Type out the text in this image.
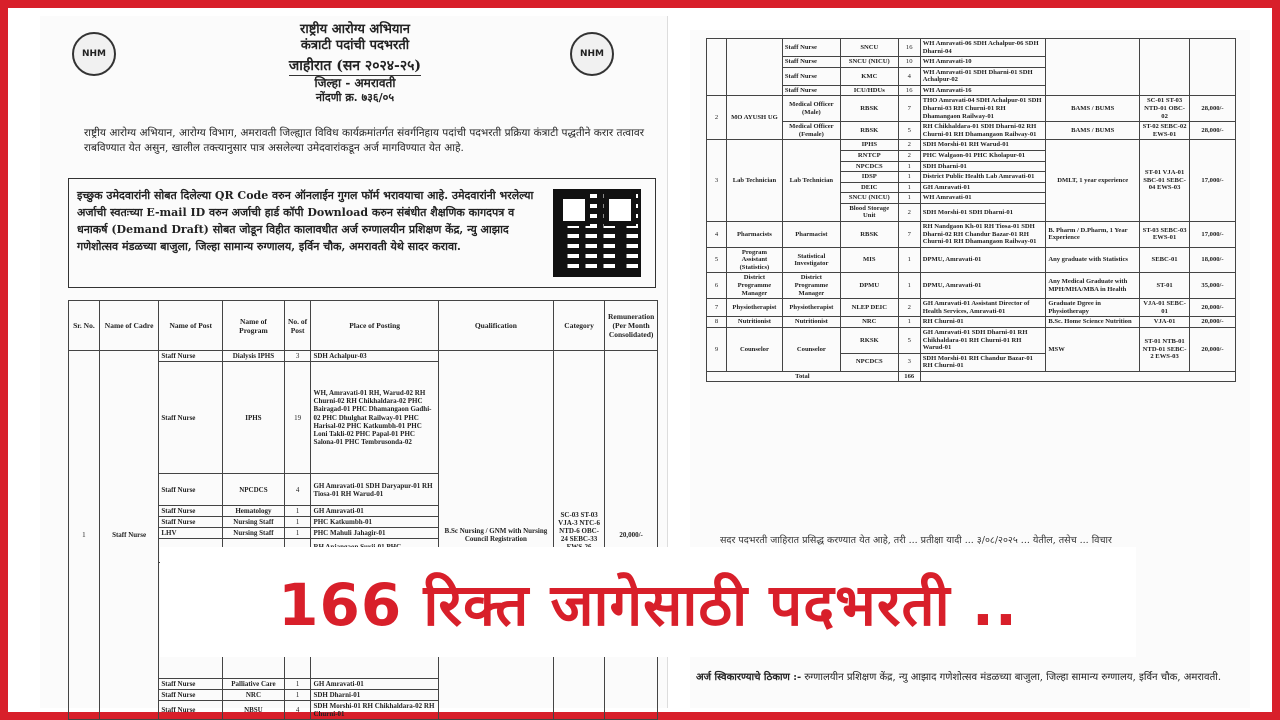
NHM	NHM
राष्ट्रीय आरोग्य अभियान
कंत्राटी पदांची पदभरती
जाहीरात (सन २०२४-२५)
जिल्हा - अमरावती
नोंदणी क्र. ७३६/०५
राष्ट्रीय आरोग्य अभियान, आरोग्य विभाग, अमरावती जिल्ह्यात विविध कार्यक्रमांतर्गत संवर्गनिहाय पदांची पदभरती प्रक्रिया कंत्राटी पद्धतीने करार तत्वावर राबविण्यात येत असुन, खालील तक्त्यानुसार पात्र असलेल्या उमेदवारांकडून अर्ज मागविण्यात येत आहे.
इच्छुक उमेदवारांनी सोबत दिलेल्या QR Code वरुन ऑनलाईन गुगल फॉर्म भरावयाचा आहे. उमेदवारांनी भरलेल्या अर्जाची स्वतःच्या E-mail ID वरुन अर्जाची हार्ड कॉपी Download करुन संबंधीत शैक्षणिक कागदपत्र व धनाकर्ष (Demand Draft) सोबत जोडून विहीत कालावधीत अर्ज रुग्णालयीन प्रशिक्षण केंद्र, न्यु आझाद गणेशोत्सव मंडळच्या बाजुला, जिल्हा सामान्य रुग्णालय, इर्विन चौक, अमरावती येथे सादर करावा.
Sr. No.	Name of Cadre	Name of Post	Name of Program	No. of Post	Place of Posting	Qualification	Category	Remuneration (Per Month Consolidated)
1	Staff Nurse	Staff Nurse	Dialysis IPHS	3	SDH Achalpur-03	B.Sc Nursing / GNM with Nursing Council Registration	SC-03 ST-03 VJA-3 NTC-6 NTD-6 OBC-24 SEBC-33	20,000/-
		Staff Nurse	IPHS	19	WH, Amravati-01 RH, Warud-02 RH Churni-02 RH Chikhaldara-02 PHC Bairagad-01 PHC Dhamangaon Gadhi-02 PHC Dhulghat Railway-01 PHC Harisal-02 PHC Katkumbh-01 PHC Loni Takli-02 PHC Papal-01 PHC Salona-01 PHC Tembrusonda-02			
		Staff Nurse	NPCDCS	4	GH Amravati-01 SDH Daryapur-01 RH Tiosa-01 RH Warud-01			
		Staff Nurse	Hematology	1	GH Amravati-01			
		Staff Nurse	Nursing Staff	1	PHC Katkumbh-01			
		LHV	Nursing Staff	1	PHC Mahuli Jahagir-01			

		Staff Nurse	Palliative Care	1	GH Amravati-01			
		Staff Nurse	NRC	1	SDH Dharni-01			
		Staff Nurse	NBSU	4	SDH Morshi-01 RH Chikhaldara-02 RH Churni-01			
		Staff Nurse	SNCU	16	WH Amravati-06 SDH Achalpur-06 SDH Dharni-04			
		Staff Nurse	SNCU (NICU)	10	WH Amravati-10			
		Staff Nurse	KMC	4	WH Amravati-01 SDH Dharni-01 SDH Achalpur-02			
		Staff Nurse	ICU/HDUs	16	WH Amravati-16			
2	MO AYUSH UG	Medical Officer (Male)	RBSK	7	THO Amravati-04 SDH Achalpur-01 SDH Dharni-03 RH Churni-01 RH Dhamangaon Railway-01	BAMS / BUMS	SC-01 ST-03 NTD-01 OBC-02	28,000/-
		Medical Officer (Female)	RBSK	5	RH Chikhaldara-01 SDH Dharni-02 RH Churni-01 RH Dhamangaon Railway-01	BAMS / BUMS	ST-02 SEBC-02 EWS-01	28,000/-
3	Lab Technician	Lab Technician	IPHS	2	SDH Morshi-01 RH Warud-01	DMLT, 1 year experience	ST-01 VJA-01 SBC-01 SEBC-04 EWS-03	17,000/-
			RNTCP	2	PHC Walgaon-01 PHC Kholapur-01			
			NPCDCS	1	SDH Dharni-01			
			IDSP	1	District Public Health Lab Amravati-01			
			DEIC	1	GH Amravati-01			
			SNCU (NICU)	1	WH Amravati-01			
			Blood Storage Unit	2	SDH Morshi-01 SDH Dharni-01			
4	Pharmacists	Pharmacist	RBSK	7	RH Nandgaon Kh-01 RH Tiosa-01 SDH Dharni-02 RH Chandur Bazar-01 RH Churni-01 RH Dhamangaon Railway-01	B. Pharm / D.Pharm, 1 Year Experience	ST-03 SEBC-03 EWS-01	17,000/-
5	Program Assistant (Statistics)	Statistical Investigator	MIS	1	DPMU, Amravati-01	Any graduate with Statistics	SEBC-01	18,000/-
6	District Programme Manager	District Programme Manager	DPMU	1	DPMU, Amravati-01	Any Medical Graduate with MPH/MHA/MBA in Health	ST-01	35,000/-
7	Physiotherapist	Physiotherapist	NLEP DEIC	2	GH Amravati-01 Assistant Director of Health Services, Amravati-01	Graduate Dgree in Physiotherapy	VJA-01 SEBC-01	20,000/-
8	Nutritionist	Nutritionist	NRC	1	RH Churni-01	B.Sc. Home Science Nutrition	VJA-01	20,000/-
9	Counselor	Counselor	RKSK	5	GH Amravati-01 SDH Dharni-01 RH Chikhaldara-01 RH Churni-01 RH Warud-01	MSW	ST-01 NTB-01 NTD-01 SEBC-2 EWS-03	20,000/-
			NPCDCS	3	SDH Morshi-01 RH Chandur Bazar-01 RH Churni-01			
Total				166				
सदर पदभरती जाहिरात प्रसिद्ध करण्यात येत आहे, तरी ... प्रतीक्षा यादी ... ३/०८/२०२५ ... येतील, तसेच ... विचार
अर्ज स्विकारण्याचे ठिकाण :- रुग्णालयीन प्रशिक्षण केंद्र, न्यु आझाद गणेशोत्सव मंडळच्या बाजुला, जिल्हा सामान्य रुग्णालय, इर्विन चौक, अमरावती.
166 रिक्त जागेसाठी पदभरती ..
